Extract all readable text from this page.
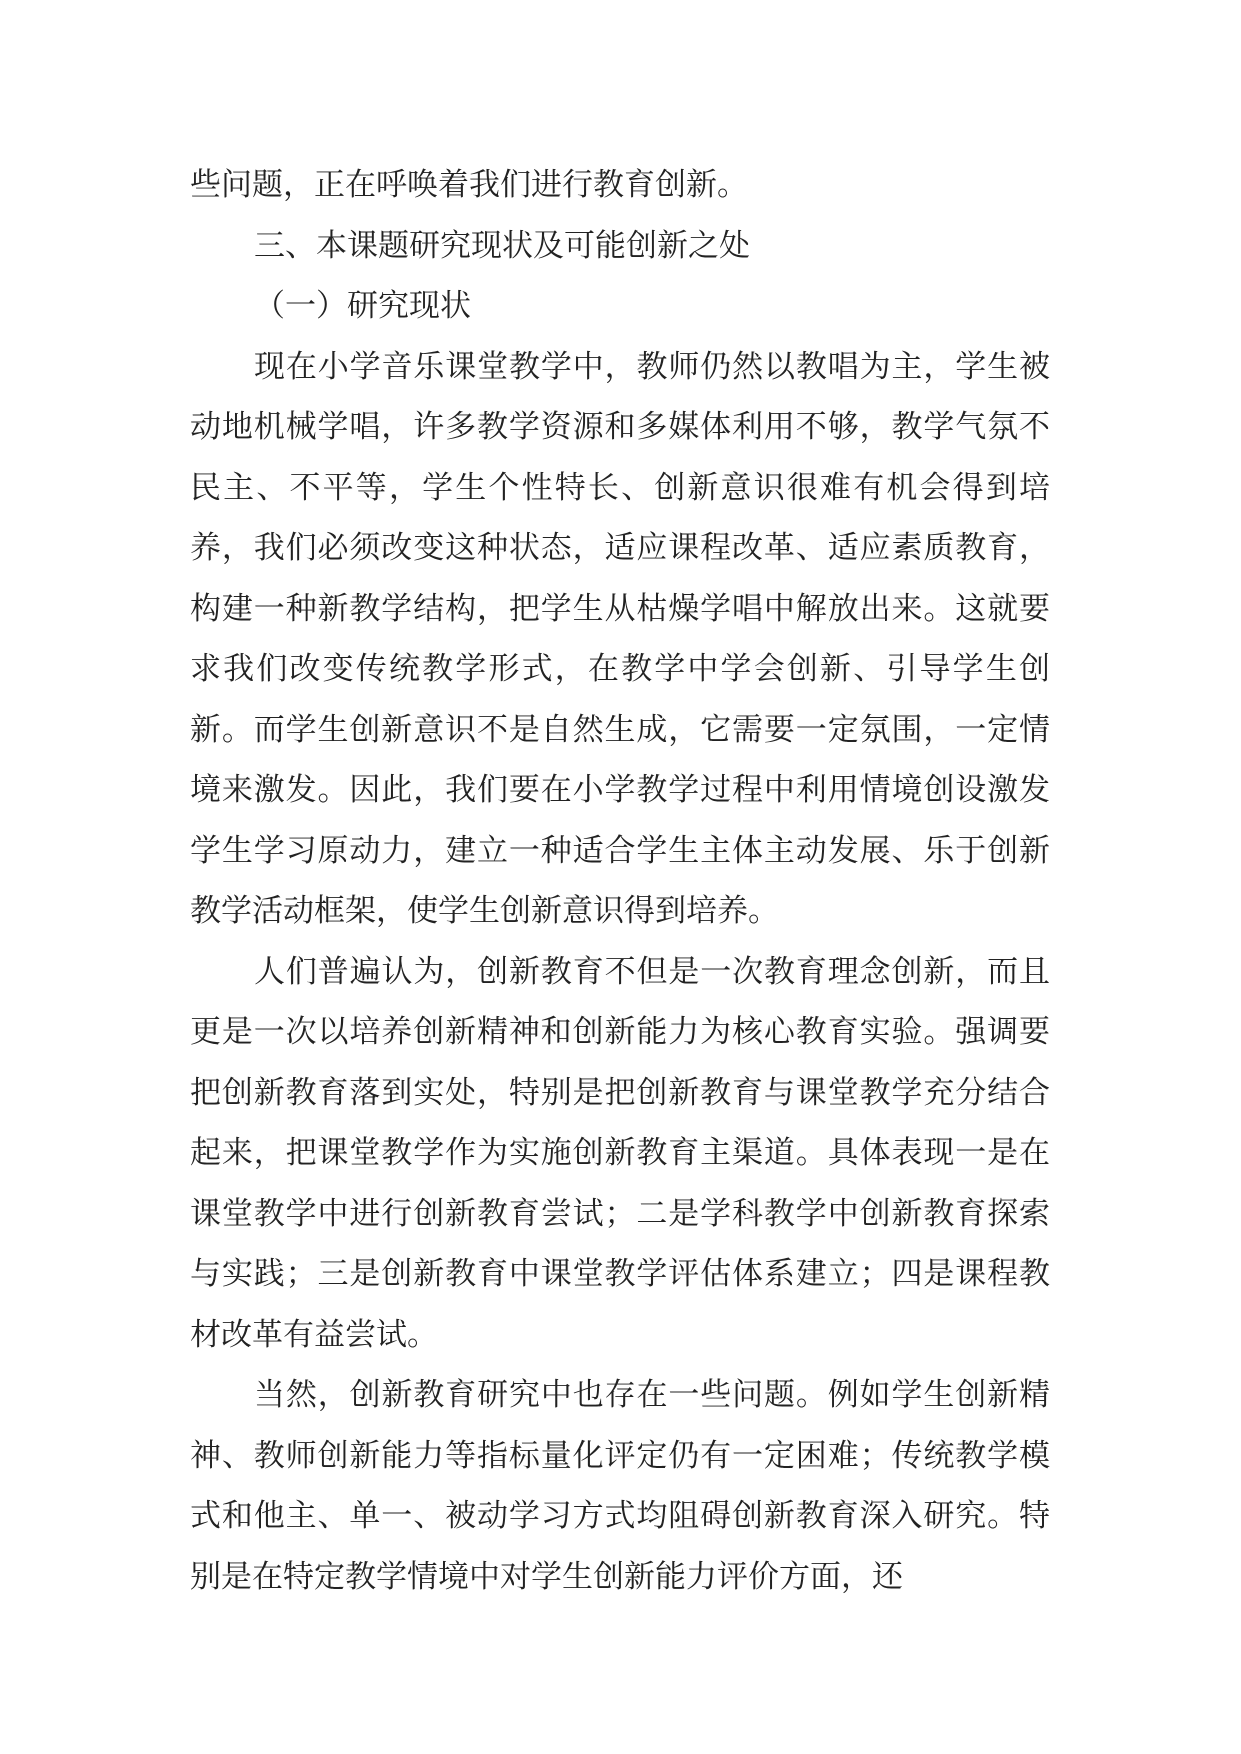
些问题，正在呼唤着我们进行教育创新。

三、本课题研究现状及可能创新之处

（一）研究现状

现在小学音乐课堂教学中，教师仍然以教唱为主，学生被动地机械学唱，许多教学资源和多媒体利用不够，教学气氛不民主、不平等，学生个性特长、创新意识很难有机会得到培养，我们必须改变这种状态，适应课程改革、适应素质教育，构建一种新教学结构，把学生从枯燥学唱中解放出来。这就要求我们改变传统教学形式，在教学中学会创新、引导学生创新。而学生创新意识不是自然生成，它需要一定氛围，一定情境来激发。因此，我们要在小学教学过程中利用情境创设激发学生学习原动力，建立一种适合学生主体主动发展、乐于创新教学活动框架，使学生创新意识得到培养。

人们普遍认为，创新教育不但是一次教育理念创新，而且更是一次以培养创新精神和创新能力为核心教育实验。强调要把创新教育落到实处，特别是把创新教育与课堂教学充分结合起来，把课堂教学作为实施创新教育主渠道。具体表现一是在课堂教学中进行创新教育尝试；二是学科教学中创新教育探索与实践；三是创新教育中课堂教学评估体系建立；四是课程教材改革有益尝试。

当然，创新教育研究中也存在一些问题。例如学生创新精神、教师创新能力等指标量化评定仍有一定困难；传统教学模式和他主、单一、被动学习方式均阻碍创新教育深入研究。特别是在特定教学情境中对学生创新能力评价方面，还
